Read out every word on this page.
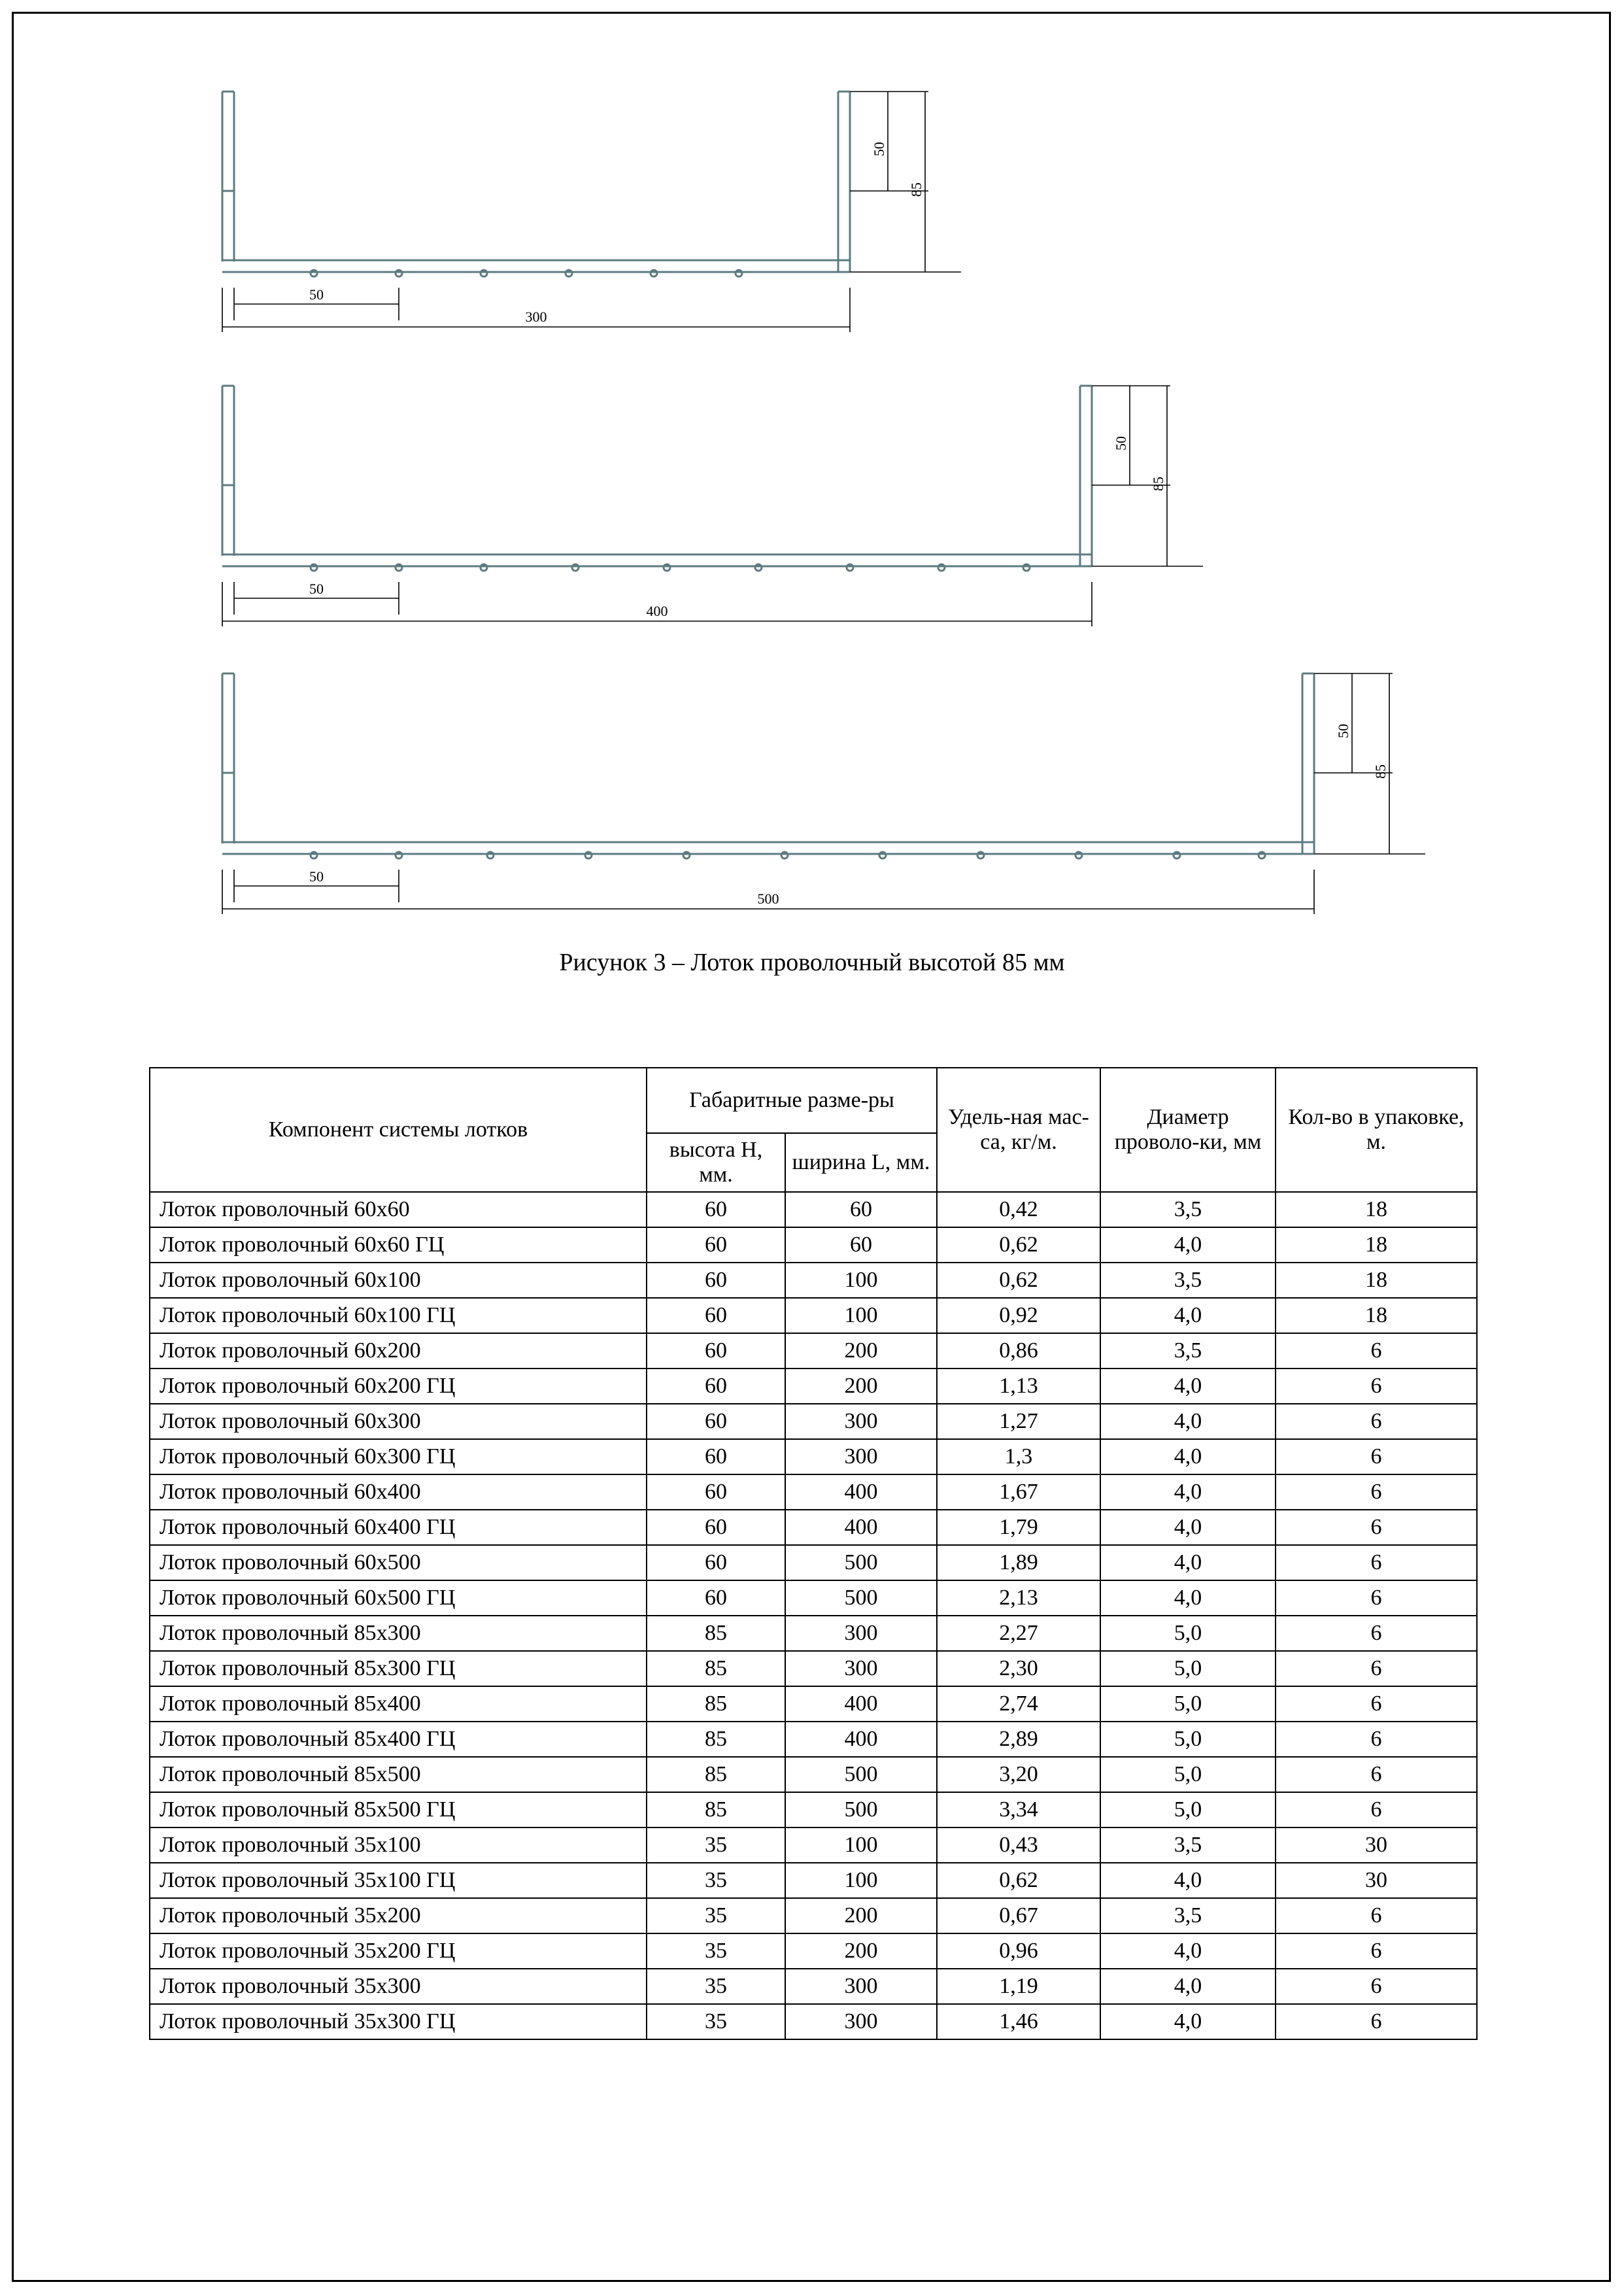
50
85
50
300
50
85
50
400
50
85
50
500
Рисунок 3 – Лоток проволочный высотой 85 мм
Компонент системы лотков	Габаритные разме-ры		Удель-ная мас-са, кг/м.	Диаметр проволо-ки, мм	Кол-во в упаковке, м.
	высота H, мм.	ширина L, мм.			
Лоток проволочный 60х60	60	60	0,42	3,5	18
Лоток проволочный 60х60 ГЦ	60	60	0,62	4,0	18
Лоток проволочный 60х100	60	100	0,62	3,5	18
Лоток проволочный 60х100 ГЦ	60	100	0,92	4,0	18
Лоток проволочный 60х200	60	200	0,86	3,5	6
Лоток проволочный 60х200 ГЦ	60	200	1,13	4,0	6
Лоток проволочный 60х300	60	300	1,27	4,0	6
Лоток проволочный 60х300 ГЦ	60	300	1,3	4,0	6
Лоток проволочный 60х400	60	400	1,67	4,0	6
Лоток проволочный 60х400 ГЦ	60	400	1,79	4,0	6
Лоток проволочный 60х500	60	500	1,89	4,0	6
Лоток проволочный 60х500 ГЦ	60	500	2,13	4,0	6
Лоток проволочный 85х300	85	300	2,27	5,0	6
Лоток проволочный 85х300 ГЦ	85	300	2,30	5,0	6
Лоток проволочный 85х400	85	400	2,74	5,0	6
Лоток проволочный 85х400 ГЦ	85	400	2,89	5,0	6
Лоток проволочный 85х500	85	500	3,20	5,0	6
Лоток проволочный 85х500 ГЦ	85	500	3,34	5,0	6
Лоток проволочный 35х100	35	100	0,43	3,5	30
Лоток проволочный 35х100 ГЦ	35	100	0,62	4,0	30
Лоток проволочный 35х200	35	200	0,67	3,5	6
Лоток проволочный 35х200 ГЦ	35	200	0,96	4,0	6
Лоток проволочный 35х300	35	300	1,19	4,0	6
Лоток проволочный 35х300 ГЦ	35	300	1,46	4,0	6
